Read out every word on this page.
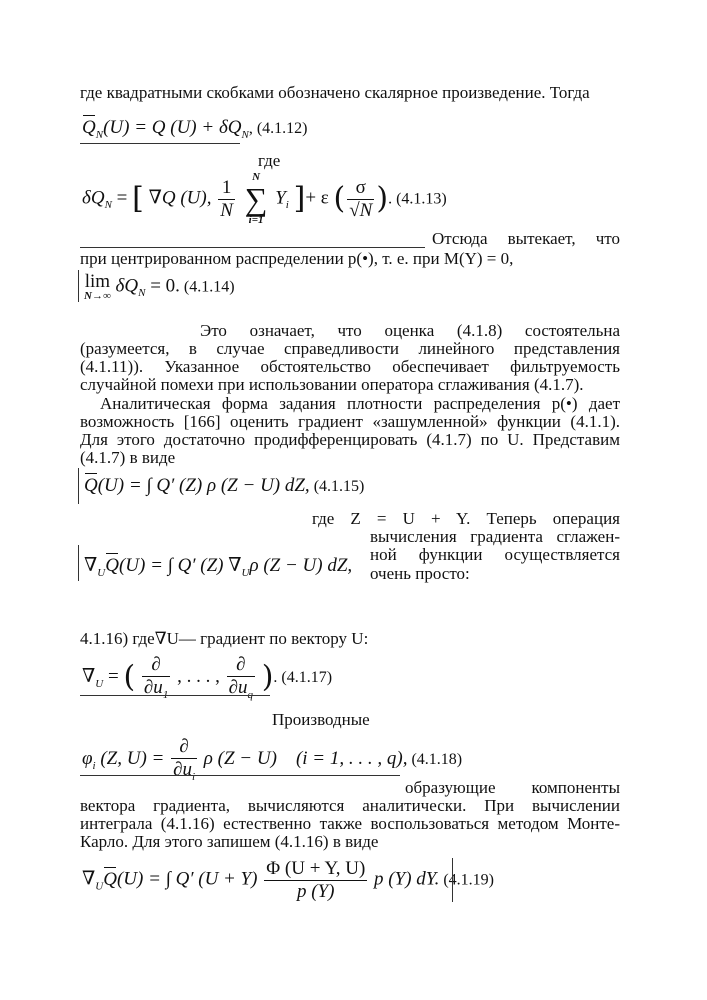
где квадратными скобками обозначено скалярное произведение. Тогда
$Q_N(U) = Q$ $(U) + \delta Q_N$, (4.1.12)
где
$\delta Q_N$ = [ ∇Q (U), $\frac{1}{N}$
	N
∑
i=1
$Y_i$ ]+ ε ( $\frac{\sigma}{√N}$ ). (4.1.13)
Отсюда вытекает, что
при центрированном распределении p(•), т. е. при M(Y) = 0,
lim
N→∞ $\delta Q_N = 0$. (4.1.14)
Это означает, что оценка (4.1.8) состоятельна
(разумеется, в случае справедливости линейного представления
(4.1.11)). Указанное обстоятельство обеспечивает фильтруемость
случайной помехи при использовании оператора сглаживания (4.1.7).
Аналитическая форма задания плотности распределения p(•) дает
возможность [166] оценить градиент «зашумленной» функции (4.1.1).
Для этого достаточно продифференцировать (4.1.7) по U. Представим
(4.1.7) в виде
Q(U) = ∫ Q′ (Z) ρ (Z − U) dZ, (4.1.15)
где Z = U + Y. Теперь операция
вычисления градиента сглажен-
ной функции осуществляется
$\nabla_UQ(U)$ = ∫ Q′ (Z) $\nabla_U\rho$ (Z − U) dZ, очень просто:
4.1.16) где∇U— градиент по вектору U:
$\nabla_U$ = ( $\frac{\partial}{\partial u_1}$ , . . . , $\frac{\partial}{\partial u_q}$ ). (4.1.17)
Производные
$\varphi_i$ (Z, $U) = \frac{\partial}{\partial u_i}$ ρ (Z − U) (i = 1, . . . , q), (4.1.18)
образующие компоненты
вектора градиента, вычисляются аналитически. При вычислении
интеграла (4.1.16) естественно также воспользоваться методом Монте-
Карло. Для этого запишем (4.1.16) в виде
$\nabla_UQ(U)$ = ∫ Q′ $(U + Y) \frac{\Phi (U + Y, U)}{p (Y)}$ p (Y) dY. (4.1.19)
